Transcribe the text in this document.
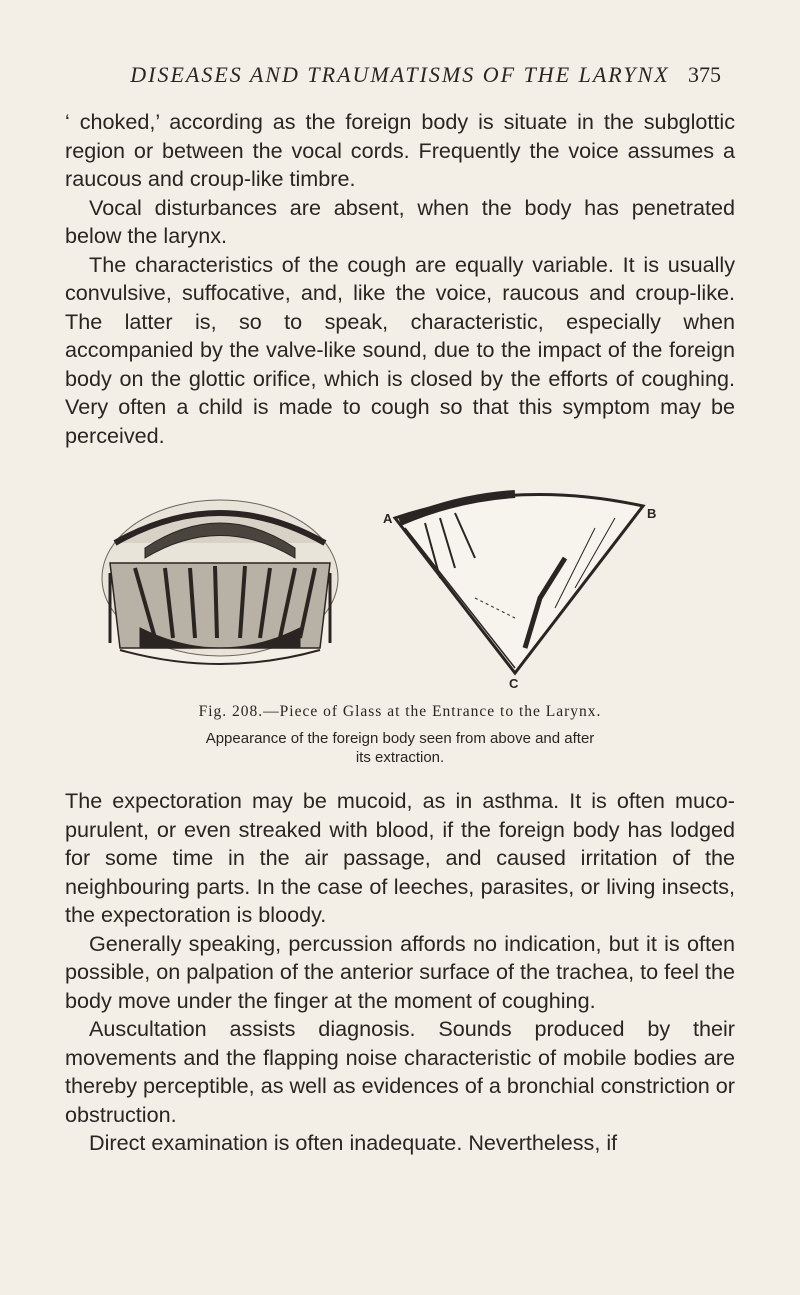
DISEASES AND TRAUMATISMS OF THE LARYNX 375

‘ choked,’ according as the foreign body is situate in the subglottic region or between the vocal cords. Frequently the voice assumes a raucous and croup-like timbre.

Vocal disturbances are absent, when the body has penetrated below the larynx.

The characteristics of the cough are equally variable. It is usually convulsive, suffocative, and, like the voice, raucous and croup-like. The latter is, so to speak, characteristic, especially when accompanied by the valve-like sound, due to the impact of the foreign body on the glottic orifice, which is closed by the efforts of coughing. Very often a child is made to cough so that this symptom may be perceived.

A	B
C
Fig. 208.—Piece of Glass at the Entrance to the Larynx.
Appearance of the foreign body seen from above and after
its extraction.

The expectoration may be mucoid, as in asthma. It is often muco-purulent, or even streaked with blood, if the foreign body has lodged for some time in the air passage, and caused irritation of the neighbouring parts. In the case of leeches, parasites, or living insects, the expectoration is bloody.

Generally speaking, percussion affords no indication, but it is often possible, on palpation of the anterior surface of the trachea, to feel the body move under the finger at the moment of coughing.

Auscultation assists diagnosis. Sounds produced by their movements and the flapping noise characteristic of mobile bodies are thereby perceptible, as well as evidences of a bronchial constriction or obstruction.

Direct examination is often inadequate. Nevertheless, if
